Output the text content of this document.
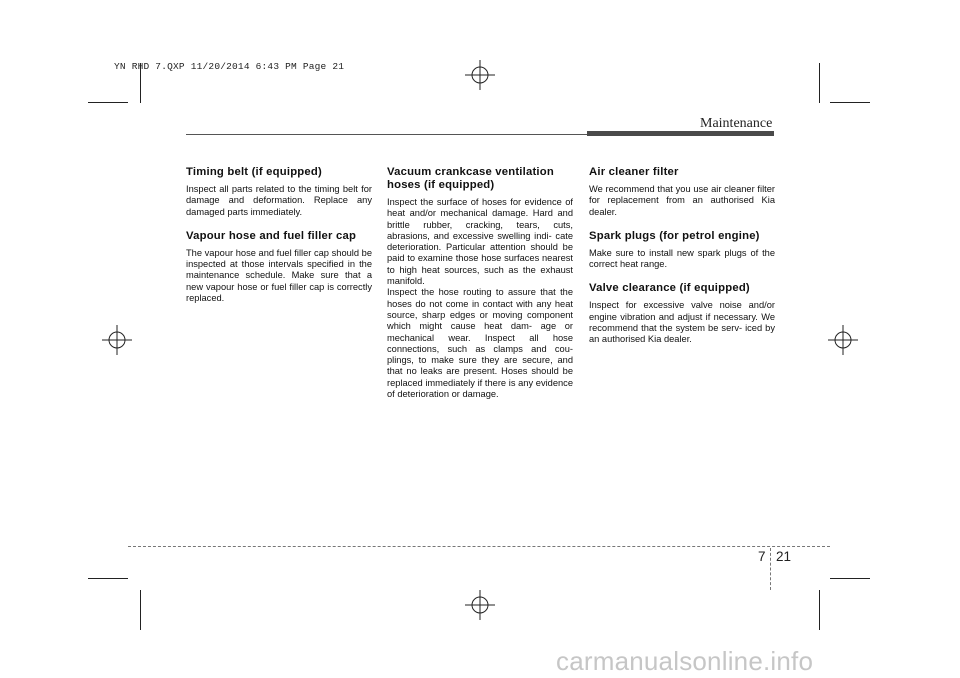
YN RHD 7.QXP 11/20/2014 6:43 PM Page 21
Maintenance
Timing belt (if equipped)

Inspect all parts related to the timing belt for damage and deformation. Replace any damaged parts immediately.

Vapour hose and fuel filler cap

The vapour hose and fuel filler cap should be inspected at those intervals specified in the maintenance schedule. Make sure that a new vapour hose or fuel filler cap is correctly replaced.

Vacuum crankcase ventilation hoses (if equipped)

Inspect the surface of hoses for evidence of heat and/or mechanical damage. Hard and brittle rubber, cracking, tears, cuts, abrasions, and excessive swelling indi- cate deterioration. Particular attention should be paid to examine those hose surfaces nearest to high heat sources, such as the exhaust manifold.

Inspect the hose routing to assure that the hoses do not come in contact with any heat source, sharp edges or moving component which might cause heat dam- age or mechanical wear. Inspect all hose connections, such as clamps and cou- plings, to make sure they are secure, and that no leaks are present. Hoses should be replaced immediately if there is any evidence of deterioration or damage.

Air cleaner filter

We recommend that you use air cleaner filter for replacement from an authorised Kia dealer.

Spark plugs (for petrol engine)

Make sure to install new spark plugs of the correct heat range.

Valve clearance (if equipped)

Inspect for excessive valve noise and/or engine vibration and adjust if necessary. We recommend that the system be serv- iced by an authorised Kia dealer.

7 21
carmanualsonline.info
